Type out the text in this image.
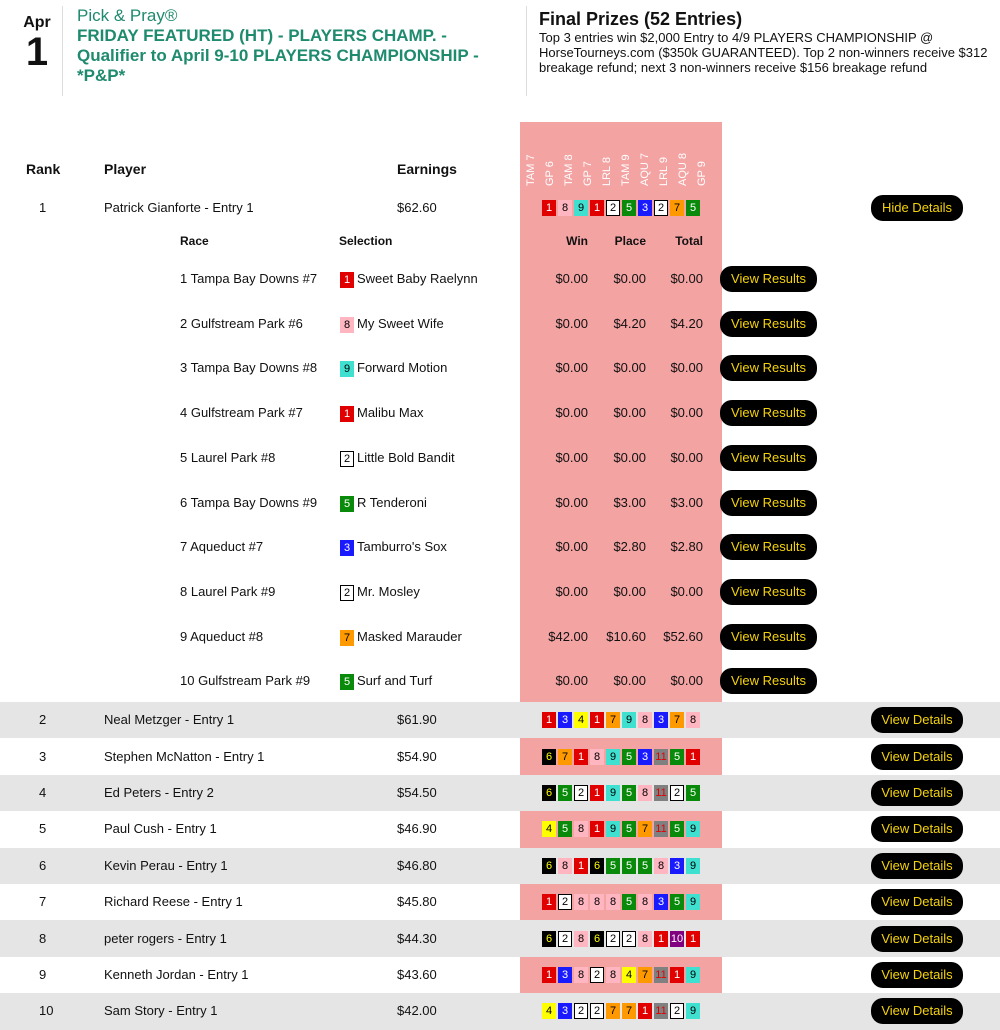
Apr
1
Pick & Pray®
FRIDAY FEATURED (HT) - PLAYERS CHAMP. - Qualifier to April 9-10 PLAYERS CHAMPIONSHIP - *P&P*
Final Prizes (52 Entries)
Top 3 entries win $2,000 Entry to 4/9 PLAYERS CHAMPIONSHIP @ HorseTourneys.com ($350k GUARANTEED). Top 2 non-winners receive $312 breakage refund; next 3 non-winners receive $156 breakage refund
TAM 7 GP 6 TAM 8 GP 7 LRL 8 TAM 9 AQU 7 LRL 9 AQU 8 GP 9
Rank	Player	Earnings
1	Patrick Gianforte - Entry 1	$62.60	1 8 9 1 2 5 3 2 7 5	Hide Details
2	Neal Metzger - Entry 1	$61.90	1 3 4 1 7 9 8 3 7 8	View Details
3	Stephen McNatton - Entry 1	$54.90	6 7 1 8 9 5 3 11 5 1	View Details
4	Ed Peters - Entry 2	$54.50	6 5 2 1 9 5 8 11 2 5	View Details
5	Paul Cush - Entry 1	$46.90	4 5 8 1 9 5 7 11 5 9	View Details
6	Kevin Perau - Entry 1	$46.80	6 8 1 6 5 5 5 8 3 9	View Details
7	Richard Reese - Entry 1	$45.80	1 2 8 8 8 5 8 3 5 9	View Details
8	peter rogers - Entry 1	$44.30	6 2 8 6 2 2 8 1 10 1	View Details
9	Kenneth Jordan - Entry 1	$43.60	1 3 8 2 8 4 7 11 1 9	View Details
10	Sam Story - Entry 1	$42.00	4 3 2 2 7 7 1 11 2 9	View Details
Race	Selection	Win	Place	Total
1 Tampa Bay Downs #7	1 Sweet Baby Raelynn	$0.00	$0.00	$0.00	View Results
2 Gulfstream Park #6	8 My Sweet Wife	$0.00	$4.20	$4.20	View Results
3 Tampa Bay Downs #8	9 Forward Motion	$0.00	$0.00	$0.00	View Results
4 Gulfstream Park #7	1 Malibu Max	$0.00	$0.00	$0.00	View Results
5 Laurel Park #8	2 Little Bold Bandit	$0.00	$0.00	$0.00	View Results
6 Tampa Bay Downs #9	5 R Tenderoni	$0.00	$3.00	$3.00	View Results
7 Aqueduct #7	3 Tamburro's Sox	$0.00	$2.80	$2.80	View Results
8 Laurel Park #9	2 Mr. Mosley	$0.00	$0.00	$0.00	View Results
9 Aqueduct #8	7 Masked Marauder	$42.00	$10.60	$52.60	View Results
10 Gulfstream Park #9	5 Surf and Turf	$0.00	$0.00	$0.00	View Results
